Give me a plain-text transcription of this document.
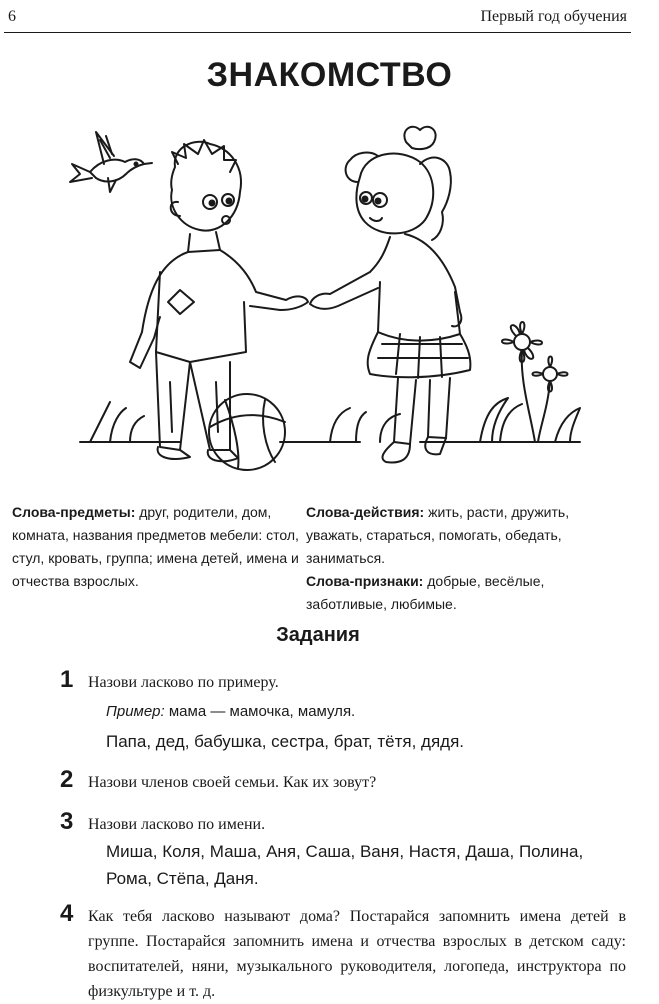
6	Первый год обучения
ЗНАКОМСТВО

Слова-предметы: друг, родители, дом, комната, названия предметов мебели: стол, стул, кровать, группа; имена детей, имена и отчества взрослых.

Слова-действия: жить, расти, дружить, уважать, стараться, помогать, обедать, заниматься.

Слова-признаки: добрые, весёлые, заботливые, любимые.

Задания
1 Назови ласково по примеру.
Пример: мама — мамочка, мамуля.
Папа, дед, бабушка, сестра, брат, тётя, дядя.
2 Назови членов своей семьи. Как их зовут?
3 Назови ласково по имени.
Миша, Коля, Маша, Аня, Саша, Ваня, Настя, Даша, Полина, Рома, Стёпа, Даня.
4 Как тебя ласково называют дома? Постарайся запомнить имена детей в группе. Постарайся запомнить имена и отчества взрослых в детском саду: воспитателей, няни, музыкального руководителя, логопеда, инструктора по физкультуре и т. д.
